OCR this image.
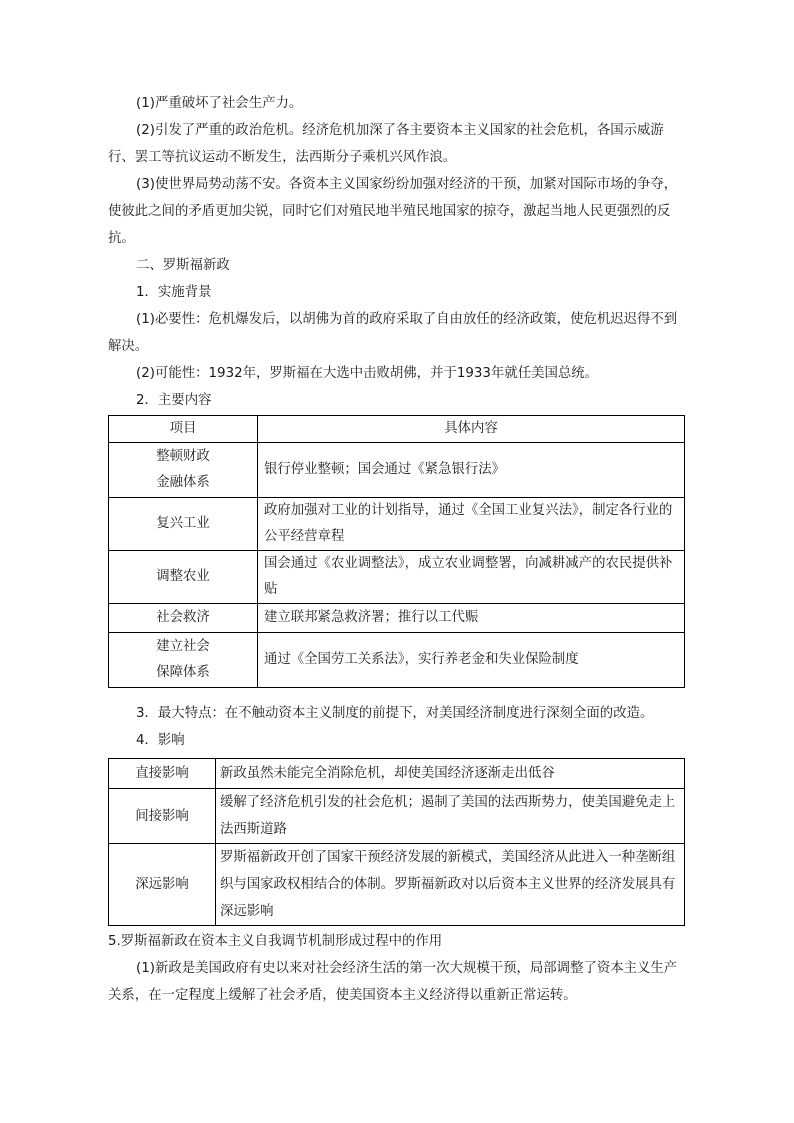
(1)严重破坏了社会生产力。

(2)引发了严重的政治危机。经济危机加深了各主要资本主义国家的社会危机，各国示威游行、罢工等抗议运动不断发生，法西斯分子乘机兴风作浪。

(3)使世界局势动荡不安。各资本主义国家纷纷加强对经济的干预，加紧对国际市场的争夺，使彼此之间的矛盾更加尖锐，同时它们对殖民地半殖民地国家的掠夺，激起当地人民更强烈的反抗。

二、罗斯福新政

1．实施背景

(1)必要性：危机爆发后，以胡佛为首的政府采取了自由放任的经济政策，使危机迟迟得不到解决。

(2)可能性：1932年，罗斯福在大选中击败胡佛，并于1933年就任美国总统。

2．主要内容

项目	具体内容

整顿财政
金融体系	银行停业整顿；国会通过《紧急银行法》
复兴工业	政府加强对工业的计划指导，通过《全国工业复兴法》，制定各行业的公平经营章程
调整农业	国会通过《农业调整法》，成立农业调整署，向减耕减产的农民提供补贴
社会救济	建立联邦紧急救济署；推行以工代赈

建立社会
保障体系	通过《全国劳工关系法》，实行养老金和失业保险制度

3．最大特点：在不触动资本主义制度的前提下，对美国经济制度进行深刻全面的改造。

4．影响

直接影响	新政虽然未能完全消除危机，却使美国经济逐渐走出低谷
间接影响	缓解了经济危机引发的社会危机；遏制了美国的法西斯势力，使美国避免走上法西斯道路
深远影响	罗斯福新政开创了国家干预经济发展的新模式，美国经济从此进入一种垄断组织与国家政权相结合的体制。罗斯福新政对以后资本主义世界的经济发展具有深远影响

5.罗斯福新政在资本主义自我调节机制形成过程中的作用

(1)新政是美国政府有史以来对社会经济生活的第一次大规模干预，局部调整了资本主义生产关系，在一定程度上缓解了社会矛盾，使美国资本主义经济得以重新正常运转。
